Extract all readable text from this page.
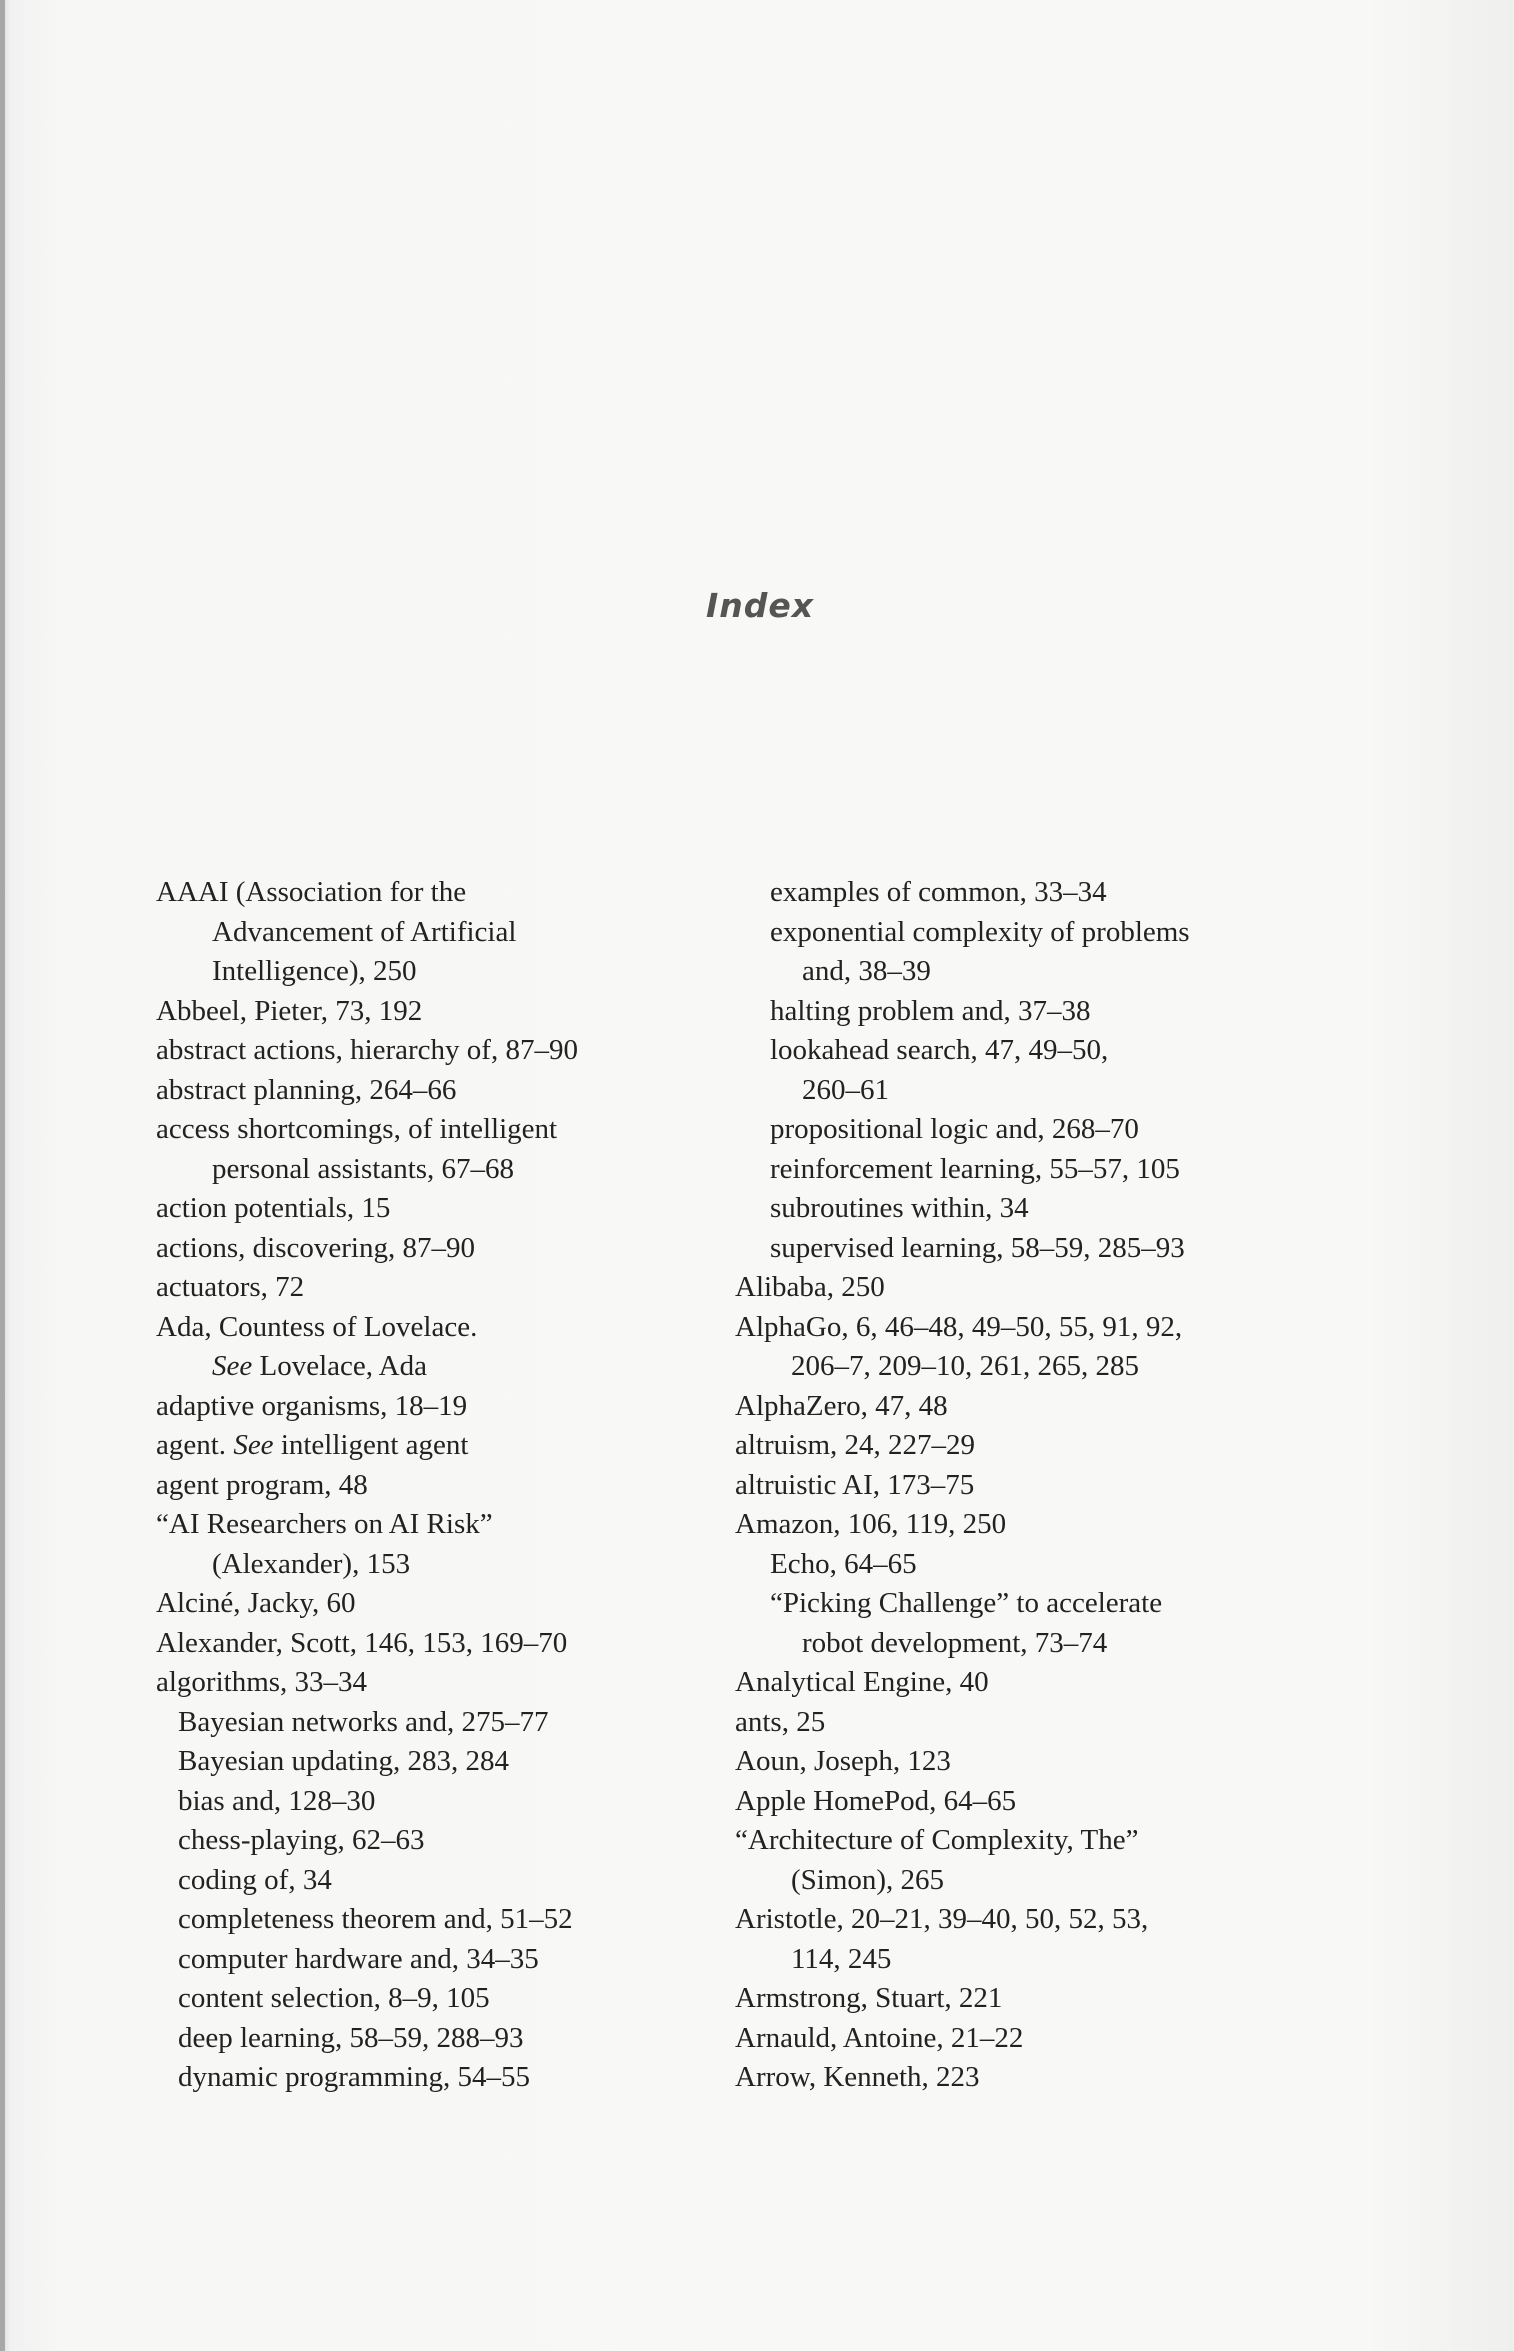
Index
AAAI (Association for the
Advancement of Artificial
Intelligence), 250
Abbeel, Pieter, 73, 192
abstract actions, hierarchy of, 87–90
abstract planning, 264–66
access shortcomings, of intelligent
personal assistants, 67–68
action potentials, 15
actions, discovering, 87–90
actuators, 72
Ada, Countess of Lovelace.
See Lovelace, Ada
adaptive organisms, 18–19
agent. See intelligent agent
agent program, 48
“AI Researchers on AI Risk”
(Alexander), 153
Alciné, Jacky, 60
Alexander, Scott, 146, 153, 169–70
algorithms, 33–34
Bayesian networks and, 275–77
Bayesian updating, 283, 284
bias and, 128–30
chess-playing, 62–63
coding of, 34
completeness theorem and, 51–52
computer hardware and, 34–35
content selection, 8–9, 105
deep learning, 58–59, 288–93
dynamic programming, 54–55
examples of common, 33–34
exponential complexity of problems
and, 38–39
halting problem and, 37–38
lookahead search, 47, 49–50,
260–61
propositional logic and, 268–70
reinforcement learning, 55–57, 105
subroutines within, 34
supervised learning, 58–59, 285–93
Alibaba, 250
AlphaGo, 6, 46–48, 49–50, 55, 91, 92,
206–7, 209–10, 261, 265, 285
AlphaZero, 47, 48
altruism, 24, 227–29
altruistic AI, 173–75
Amazon, 106, 119, 250
Echo, 64–65
“Picking Challenge” to accelerate
robot development, 73–74
Analytical Engine, 40
ants, 25
Aoun, Joseph, 123
Apple HomePod, 64–65
“Architecture of Complexity, The”
(Simon), 265
Aristotle, 20–21, 39–40, 50, 52, 53,
114, 245
Armstrong, Stuart, 221
Arnauld, Antoine, 21–22
Arrow, Kenneth, 223
